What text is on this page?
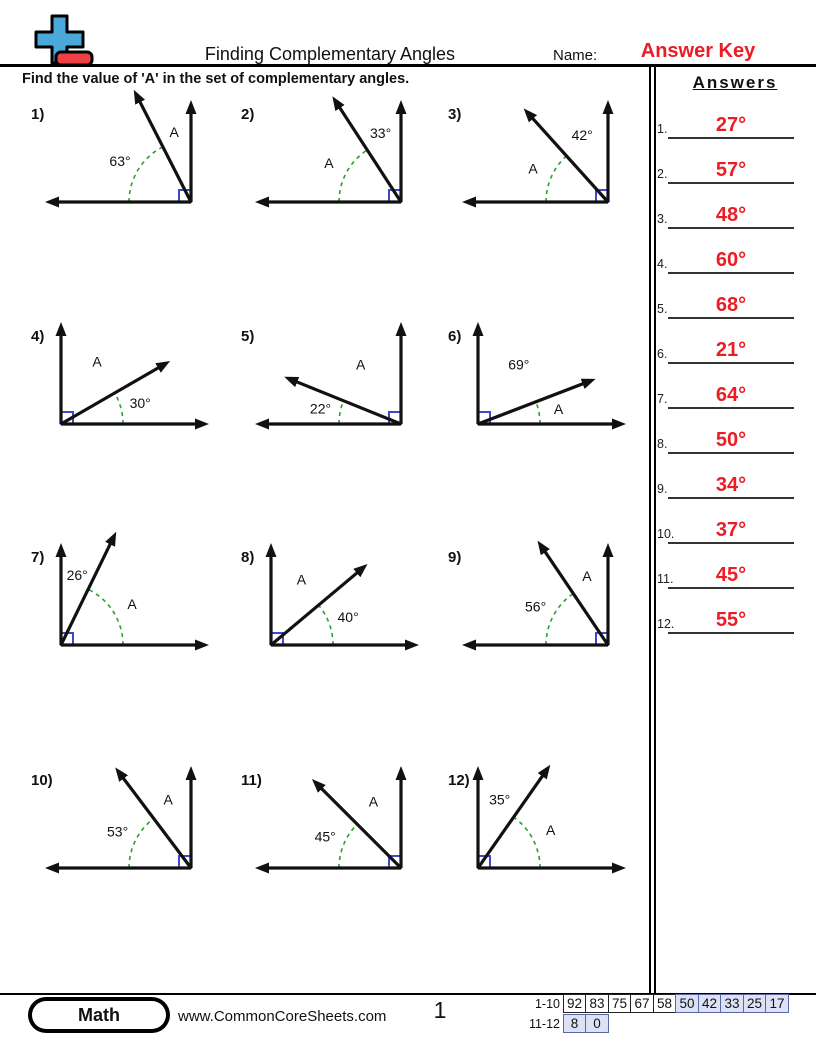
Finding Complementary Angles	Name:	Answer Key
Find the value of 'A' in the set of complementary angles.	Answers
1.	27°
2.	57°
3.	48°
4.	60°
5.	68°
6.	21°
7.	64°
8.	50°
9.	34°
10.	37°
11.	45°
12.	55°
1)
A
63°
2)
33°
A
3)
42°
A
4)
A
30°
5)
A
22°
6)
69°
A
7)
26°
A
8)
A
40°
9)
A
56°
10)
A
53°
11)
A
45°
12)
35°
A
Math	www.CommonCoreSheets.com	1	1-10 92 83 75 67 58 50 42 33 25 17
11-12 8	0
